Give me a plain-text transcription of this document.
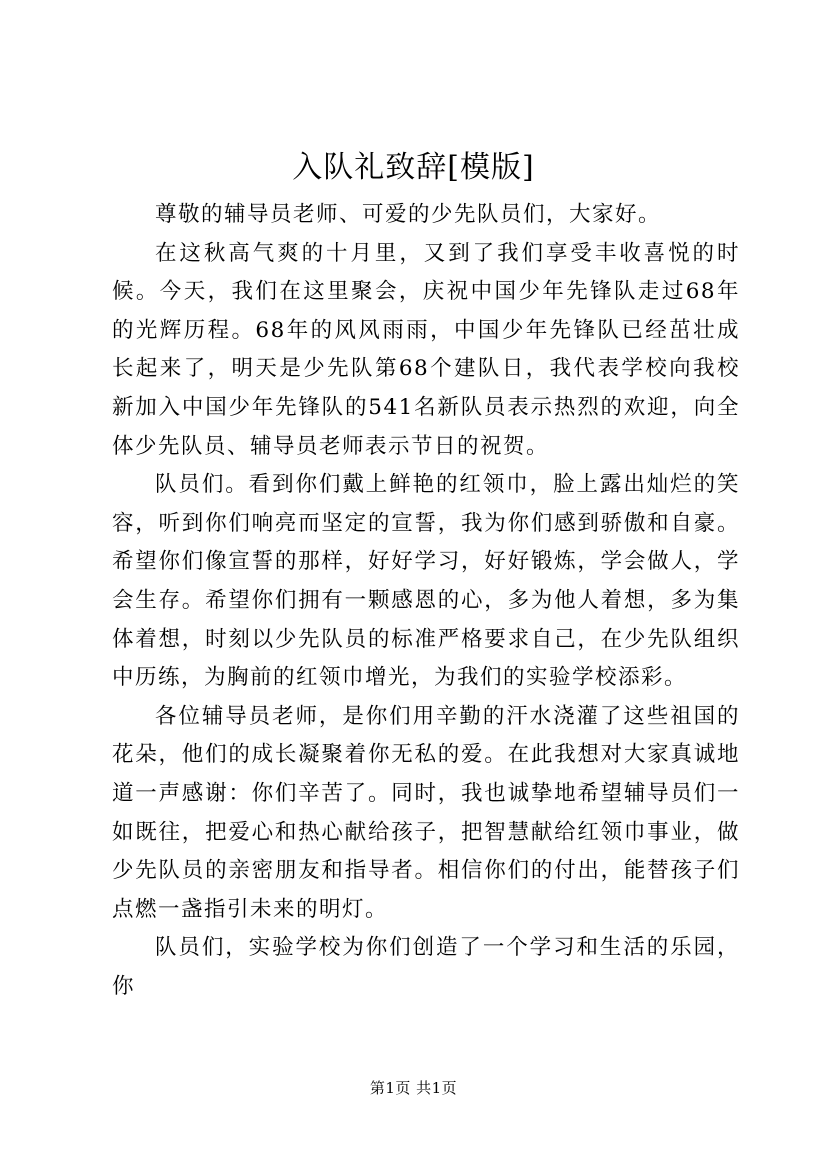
入队礼致辞[模版]

尊敬的辅导员老师、可爱的少先队员们，大家好。

在这秋高气爽的十月里，又到了我们享受丰收喜悦的时候。今天，我们在这里聚会，庆祝中国少年先锋队走过68年的光辉历程。68年的风风雨雨，中国少年先锋队已经茁壮成长起来了，明天是少先队第68个建队日，我代表学校向我校新加入中国少年先锋队的541名新队员表示热烈的欢迎，向全体少先队员、辅导员老师表示节日的祝贺。

队员们。看到你们戴上鲜艳的红领巾，脸上露出灿烂的笑容，听到你们响亮而坚定的宣誓，我为你们感到骄傲和自豪。希望你们像宣誓的那样，好好学习，好好锻炼，学会做人，学会生存。希望你们拥有一颗感恩的心，多为他人着想，多为集体着想，时刻以少先队员的标准严格要求自己，在少先队组织中历练，为胸前的红领巾增光，为我们的实验学校添彩。

各位辅导员老师，是你们用辛勤的汗水浇灌了这些祖国的花朵，他们的成长凝聚着你无私的爱。在此我想对大家真诚地道一声感谢：你们辛苦了。同时，我也诚挚地希望辅导员们一如既往，把爱心和热心献给孩子，把智慧献给红领巾事业，做少先队员的亲密朋友和指导者。相信你们的付出，能替孩子们点燃一盏指引未来的明灯。

队员们，实验学校为你们创造了一个学习和生活的乐园，你

第1页 共1页
